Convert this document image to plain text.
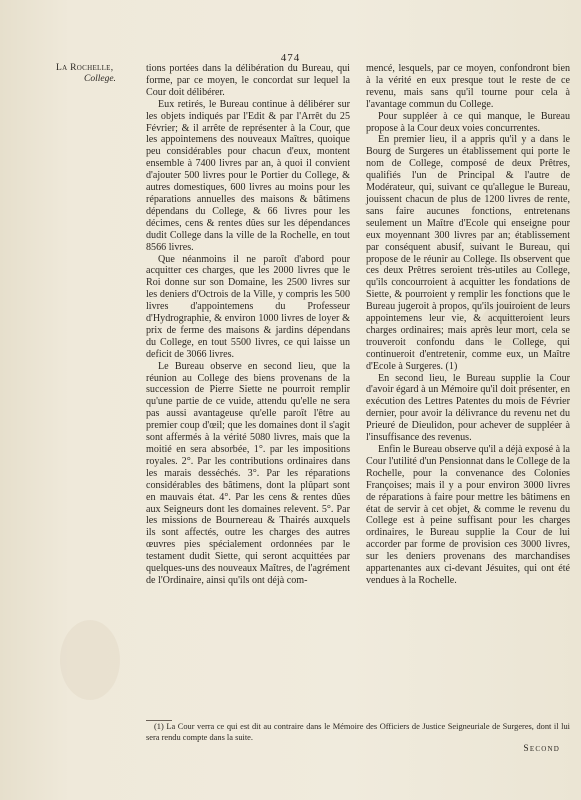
474
La Rochelle,
College.

tions portées dans la délibération du Bureau, qui forme, par ce moyen, le concordat sur lequel la Cour doit délibérer.

Eux retirés, le Bureau continue à délibérer sur les objets indiqués par l'Edit & par l'Arrêt du 25 Février; & il arrête de représenter à la Cour, que les appointemens des nouveaux Maîtres, quoique peu considérables pour chacun d'eux, montent ensemble à 7400 livres par an, à quoi il convient d'ajouter 500 livres pour le Portier du College, & autres domestiques, 600 livres au moins pour les réparations annuelles des maisons & bâtimens dépendans du College, & 66 livres pour les décimes, cens & rentes dûes sur les dépendances dudit College dans la ville de la Rochelle, en tout 8566 livres.

Que néanmoins il ne paroît d'abord pour acquitter ces charges, que les 2000 livres que le Roi donne sur son Domaine, les 2500 livres sur les deniers d'Octrois de la Ville, y compris les 500 livres d'appointemens du Professeur d'Hydrographie, & environ 1000 livres de loyer & prix de ferme des maisons & jardins dépendans du College, en tout 5500 livres, ce qui laisse un deficit de 3066 livres.

Le Bureau observe en second lieu, que la réunion au College des biens provenans de la succession de Pierre Siette ne pourroit remplir qu'une partie de ce vuide, attendu qu'elle ne sera pas aussi avantageuse qu'elle paroît l'être au premier coup d'œil; que les domaines dont il s'agit sont affermés à la vérité 5080 livres, mais que la moitié en sera absorbée, 1°. par les impositions royales. 2°. Par les contributions ordinaires dans les marais desséchés. 3°. Par les réparations considérables des bâtimens, dont la plûpart sont en mauvais état. 4°. Par les cens & rentes dûes aux Seigneurs dont les domaines relevent. 5°. Par les missions de Bournereau & Thairés auxquels ils sont affectés, outre les charges des autres œuvres pies spécialement ordonnées par le testament dudit Siette, qui seront acquittées par quelques-uns des nouveaux Maîtres, de l'agrément de l'Ordinaire, ainsi qu'ils ont déjà com-

mencé, lesquels, par ce moyen, confondront bien à la vérité en eux presque tout le reste de ce revenu, mais sans qu'il tourne pour cela à l'avantage commun du College.

Pour suppléer à ce qui manque, le Bureau propose à la Cour deux voies concurrentes.

En premier lieu, il a appris qu'il y a dans le Bourg de Surgeres un établissement qui porte le nom de College, composé de deux Prêtres, qualifiés l'un de Principal & l'autre de Modérateur, qui, suivant ce qu'allegue le Bureau, jouissent chacun de plus de 1200 livres de rente, sans faire aucunes fonctions, entretenans seulement un Maître d'Ecole qui enseigne pour eux moyennant 300 livres par an; établissement par conséquent abusif, suivant le Bureau, qui propose de le réunir au College. Ils observent que ces deux Prêtres seroient très-utiles au College, qu'ils concourroient à acquitter les fondations de Siette, & pourroient y remplir les fonctions que le Bureau jugeroit à propos, qu'ils jouiroient de leurs appointemens leur vie, & acquitteroient leurs charges ordinaires; mais après leur mort, cela se trouveroit confondu dans le College, qui continueroit d'entretenir, comme eux, un Maître d'Ecole à Surgeres. (1)

En second lieu, le Bureau supplie la Cour d'avoir égard à un Mémoire qu'il doit présenter, en exécution des Lettres Patentes du mois de Février dernier, pour avoir la délivrance du revenu net du Prieuré de Dieulidon, pour achever de suppléer à l'insuffisance des revenus.

Enfin le Bureau observe qu'il a déjà exposé à la Cour l'utilité d'un Pensionnat dans le College de la Rochelle, pour la convenance des Colonies Françoises; mais il y a pour environ 3000 livres de réparations à faire pour mettre les bâtimens en état de servir à cet objet, & comme le revenu du College est à peine suffisant pour les charges ordinaires, le Bureau supplie la Cour de lui accorder par forme de provision ces 3000 livres, sur les deniers provenans des marchandises appartenantes aux ci-devant Jésuites, qui ont été vendues à la Rochelle.

(1) La Cour verra ce qui est dit au contraire dans le Mémoire des Officiers de Justice Seigneuriale de Surgeres, dont il lui sera rendu compte dans la suite.

Second
